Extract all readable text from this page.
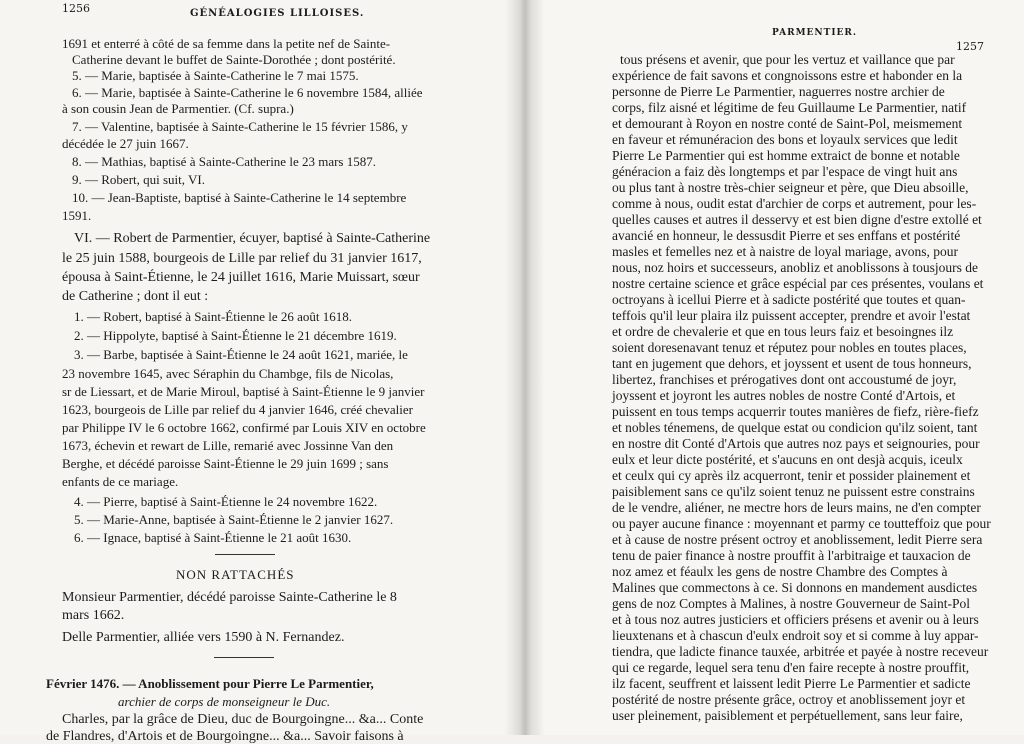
1256	GÉNÉALOGIES LILLOISES.
1691 et enterré à côté de sa femme dans la petite nef de Sainte-
Catherine devant le buffet de Sainte-Dorothée ; dont postérité.
5. — Marie, baptisée à Sainte-Catherine le 7 mai 1575.
6. — Marie, baptisée à Sainte-Catherine le 6 novembre 1584, alliée
à son cousin Jean de Parmentier. (Cf. supra.)
7. — Valentine, baptisée à Sainte-Catherine le 15 février 1586, y
décédée le 27 juin 1667.
8. — Mathias, baptisé à Sainte-Catherine le 23 mars 1587.
9. — Robert, qui suit, VI.
10. — Jean-Baptiste, baptisé à Sainte-Catherine le 14 septembre
1591.
VI. — Robert de Parmentier, écuyer, baptisé à Sainte-Catherine
le 25 juin 1588, bourgeois de Lille par relief du 31 janvier 1617,
épousa à Saint-Étienne, le 24 juillet 1616, Marie Muissart, sœur
de Catherine ; dont il eut :
1. — Robert, baptisé à Saint-Étienne le 26 août 1618.
2. — Hippolyte, baptisé à Saint-Étienne le 21 décembre 1619.
3. — Barbe, baptisée à Saint-Étienne le 24 août 1621, mariée, le
23 novembre 1645, avec Séraphin du Chambge, fils de Nicolas,
sr de Liessart, et de Marie Miroul, baptisé à Saint-Étienne le 9 janvier
1623, bourgeois de Lille par relief du 4 janvier 1646, créé chevalier
par Philippe IV le 6 octobre 1662, confirmé par Louis XIV en octobre
1673, échevin et rewart de Lille, remarié avec Jossinne Van den
Berghe, et décédé paroisse Saint-Étienne le 29 juin 1699 ; sans
enfants de ce mariage.
4. — Pierre, baptisé à Saint-Étienne le 24 novembre 1622.
5. — Marie-Anne, baptisée à Saint-Étienne le 2 janvier 1627.
6. — Ignace, baptisé à Saint-Étienne le 21 août 1630.
NON RATTACHÉS
Monsieur Parmentier, décédé paroisse Sainte-Catherine le 8
mars 1662.
Delle Parmentier, alliée vers 1590 à N. Fernandez.
Février 1476. — Anoblissement pour Pierre Le Parmentier,
archier de corps de monseigneur le Duc.
Charles, par la grâce de Dieu, duc de Bourgoingne... &a... Conte
de Flandres, d'Artois et de Bourgoingne... &a... Savoir faisons à
PARMENTIER.
1257
tous présens et avenir, que pour les vertuz et vaillance que par
expérience de fait savons et congnoissons estre et habonder en la
personne de Pierre Le Parmentier, naguerres nostre archier de
corps, filz aisné et légitime de feu Guillaume Le Parmentier, natif
et demourant à Royon en nostre conté de Saint-Pol, meismement
en faveur et rémunéracion des bons et loyaulx services que ledit
Pierre Le Parmentier qui est homme extraict de bonne et notable
généracion a faiz dès longtemps et par l'espace de vingt huit ans
ou plus tant à nostre très-chier seigneur et père, que Dieu absoille,
comme à nous, oudit estat d'archier de corps et autrement, pour les-
quelles causes et autres il desservy et est bien digne d'estre extollé et
avancié en honneur, le dessusdit Pierre et ses enffans et postérité
masles et femelles nez et à naistre de loyal mariage, avons, pour
nous, noz hoirs et successeurs, anobliz et anoblissons à tousjours de
nostre certaine science et grâce espécial par ces présentes, voulans et
octroyans à icellui Pierre et à sadicte postérité que toutes et quan-
teffois qu'il leur plaira ilz puissent accepter, prendre et avoir l'estat
et ordre de chevalerie et que en tous leurs faiz et besoingnes ilz
soient doresenavant tenuz et réputez pour nobles en toutes places,
tant en jugement que dehors, et joyssent et usent de tous honneurs,
libertez, franchises et prérogatives dont ont accoustumé de joyr,
joyssent et joyront les autres nobles de nostre Conté d'Artois, et
puissent en tous temps acquerrir toutes manières de fiefz, rière-fiefz
et nobles ténemens, de quelque estat ou condicion qu'ilz soient, tant
en nostre dit Conté d'Artois que autres noz pays et seignouries, pour
eulx et leur dicte postérité, et s'aucuns en ont desjà acquis, iceulx
et ceulx qui cy après ilz acquerront, tenir et possider plainement et
paisiblement sans ce qu'ilz soient tenuz ne puissent estre constrains
de le vendre, aliéner, ne mectre hors de leurs mains, ne d'en compter
ou payer aucune finance : moyennant et parmy ce toutteffoiz que pour
et à cause de nostre présent octroy et anoblissement, ledit Pierre sera
tenu de paier finance à nostre prouffit à l'arbitraige et tauxacion de
noz amez et féaulx les gens de nostre Chambre des Comptes à
Malines que commectons à ce. Si donnons en mandement ausdictes
gens de noz Comptes à Malines, à nostre Gouverneur de Saint-Pol
et à tous noz autres justiciers et officiers présens et avenir ou à leurs
lieuxtenans et à chascun d'eulx endroit soy et si comme à luy appar-
tiendra, que ladicte finance tauxée, arbitrée et payée à nostre receveur
qui ce regarde, lequel sera tenu d'en faire recepte à nostre prouffit,
ilz facent, seuffrent et laissent ledit Pierre Le Parmentier et sadicte
postérité de nostre présente grâce, octroy et anoblissement joyr et
user pleinement, paisiblement et perpétuellement, sans leur faire,
